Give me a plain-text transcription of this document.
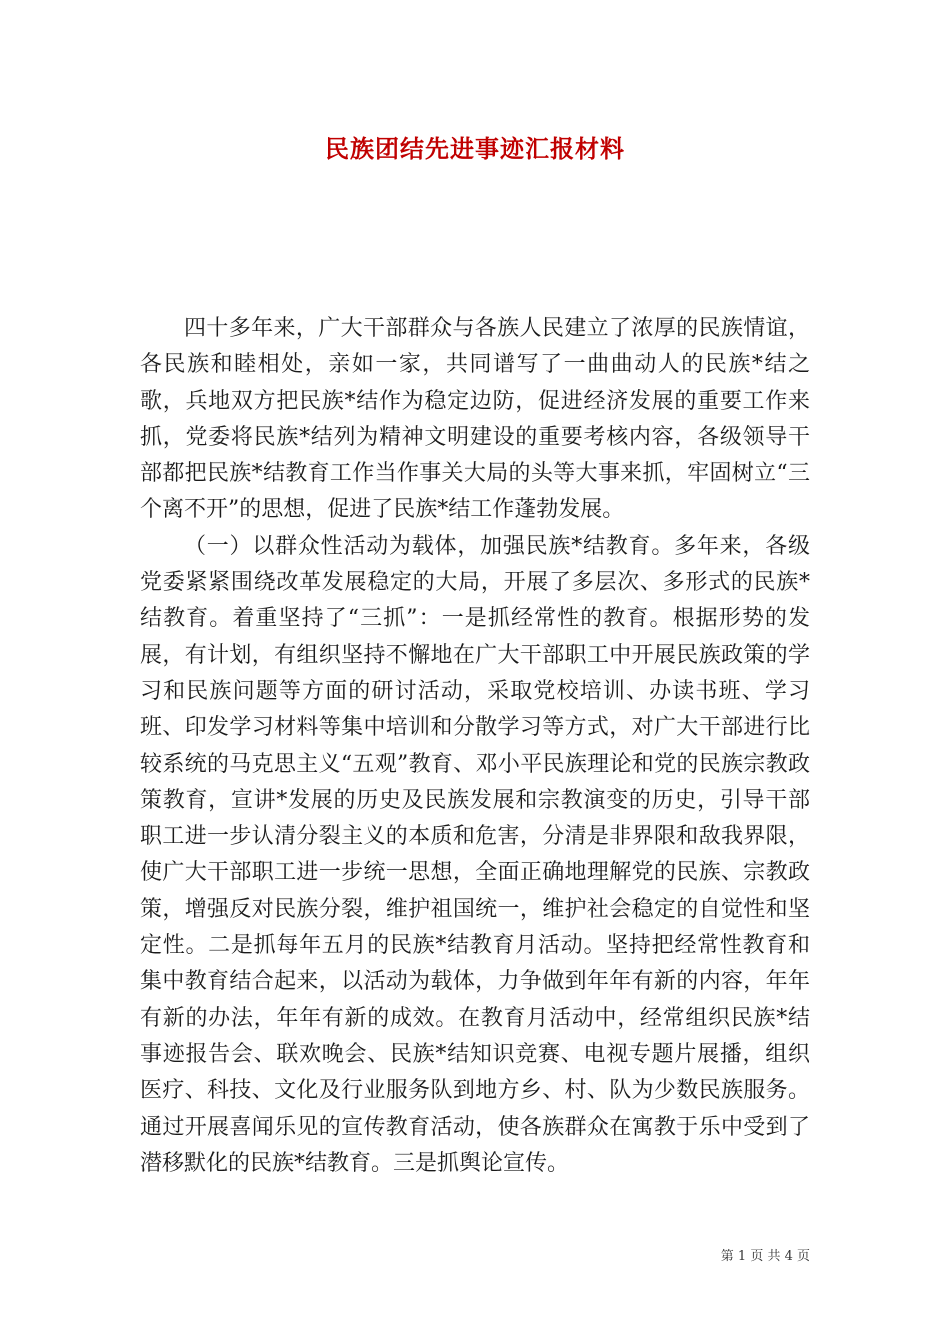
民族团结先进事迹汇报材料

四十多年来，广大干部群众与各族人民建立了浓厚的民族情谊，各民族和睦相处，亲如一家，共同谱写了一曲曲动人的民族*结之歌，兵地双方把民族*结作为稳定边防，促进经济发展的重要工作来抓，党委将民族*结列为精神文明建设的重要考核内容，各级领导干部都把民族*结教育工作当作事关大局的头等大事来抓，牢固树立“三个离不开”的思想，促进了民族*结工作蓬勃发展。

（一）以群众性活动为载体，加强民族*结教育。多年来，各级党委紧紧围绕改革发展稳定的大局，开展了多层次、多形式的民族*结教育。着重坚持了“三抓”：一是抓经常性的教育。根据形势的发展，有计划，有组织坚持不懈地在广大干部职工中开展民族政策的学习和民族问题等方面的研讨活动，采取党校培训、办读书班、学习班、印发学习材料等集中培训和分散学习等方式，对广大干部进行比较系统的马克思主义“五观”教育、邓小平民族理论和党的民族宗教政策教育，宣讲*发展的历史及民族发展和宗教演变的历史，引导干部职工进一步认清分裂主义的本质和危害，分清是非界限和敌我界限，使广大干部职工进一步统一思想，全面正确地理解党的民族、宗教政策，增强反对民族分裂，维护祖国统一，维护社会稳定的自觉性和坚定性。二是抓每年五月的民族*结教育月活动。坚持把经常性教育和集中教育结合起来，以活动为载体，力争做到年年有新的内容，年年有新的办法，年年有新的成效。在教育月活动中，经常组织民族*结事迹报告会、联欢晚会、民族*结知识竞赛、电视专题片展播，组织医疗、科技、文化及行业服务队到地方乡、村、队为少数民族服务。通过开展喜闻乐见的宣传教育活动，使各族群众在寓教于乐中受到了潜移默化的民族*结教育。三是抓舆论宣传。

第 1 页 共 4 页
